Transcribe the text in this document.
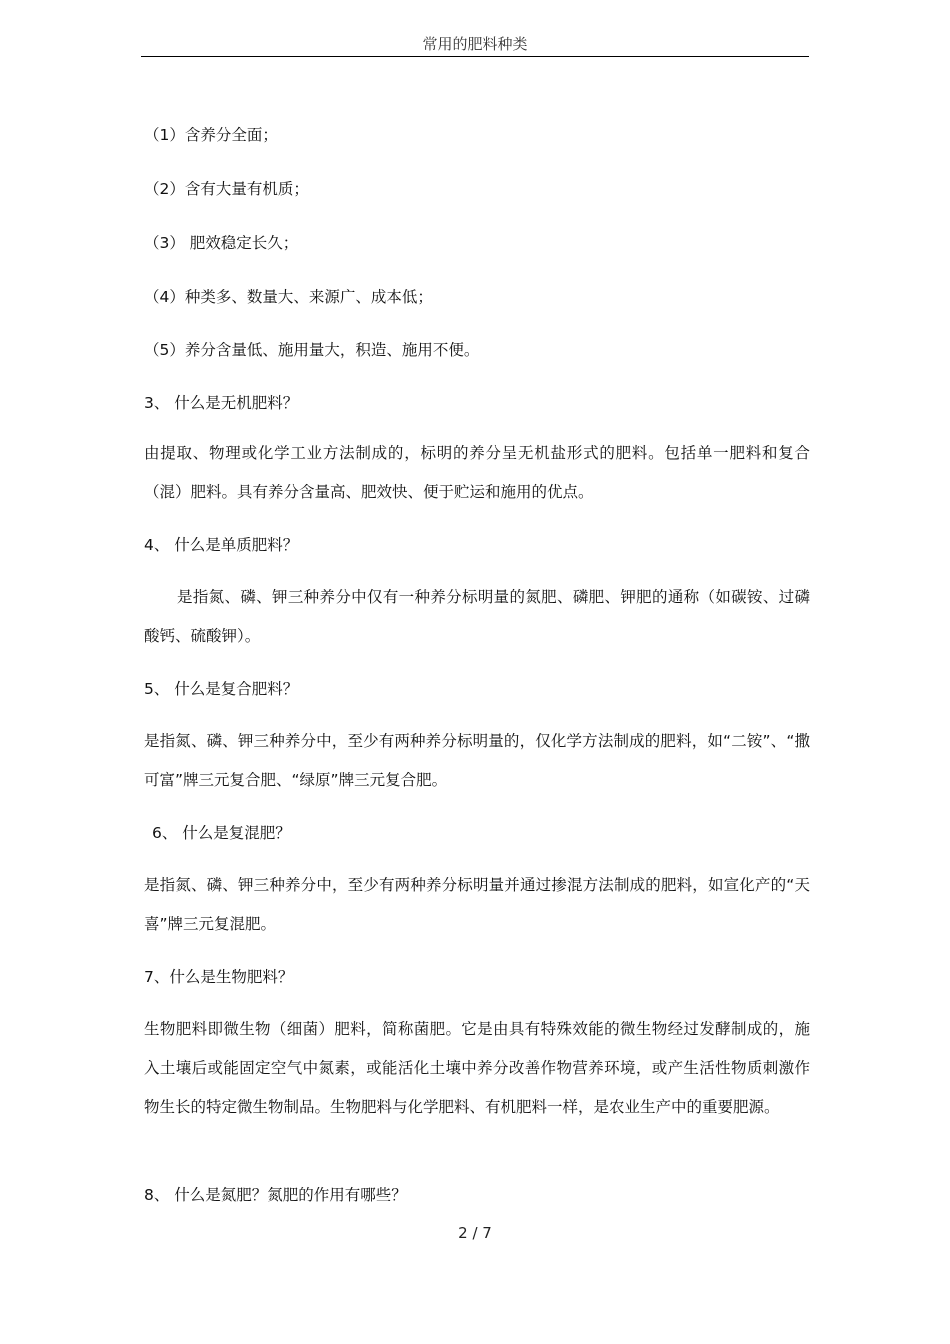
常用的肥料种类
（1）含养分全面；
（2）含有大量有机质；
（3） 肥效稳定长久；
（4）种类多、数量大、来源广、成本低；
（5）养分含量低、施用量大，积造、施用不便。
3、 什么是无机肥料？
由提取、物理或化学工业方法制成的，标明的养分呈无机盐形式的肥料。包括单一肥料和复合（混）肥料。具有养分含量高、肥效快、便于贮运和施用的优点。
4、 什么是单质肥料？
是指氮、磷、钾三种养分中仅有一种养分标明量的氮肥、磷肥、钾肥的通称（如碳铵、过磷酸钙、硫酸钾）。
5、 什么是复合肥料？
是指氮、磷、钾三种养分中，至少有两种养分标明量的，仅化学方法制成的肥料，如“二铵”、“撒可富”牌三元复合肥、“绿原”牌三元复合肥。
6、 什么是复混肥？
是指氮、磷、钾三种养分中，至少有两种养分标明量并通过掺混方法制成的肥料，如宣化产的“天喜”牌三元复混肥。
7、什么是生物肥料？
生物肥料即微生物（细菌）肥料，简称菌肥。它是由具有特殊效能的微生物经过发酵制成的，施入土壤后或能固定空气中氮素，或能活化土壤中养分改善作物营养环境，或产生活性物质刺激作物生长的特定微生物制品。生物肥料与化学肥料、有机肥料一样，是农业生产中的重要肥源。
8、 什么是氮肥？氮肥的作用有哪些？
2 / 7
